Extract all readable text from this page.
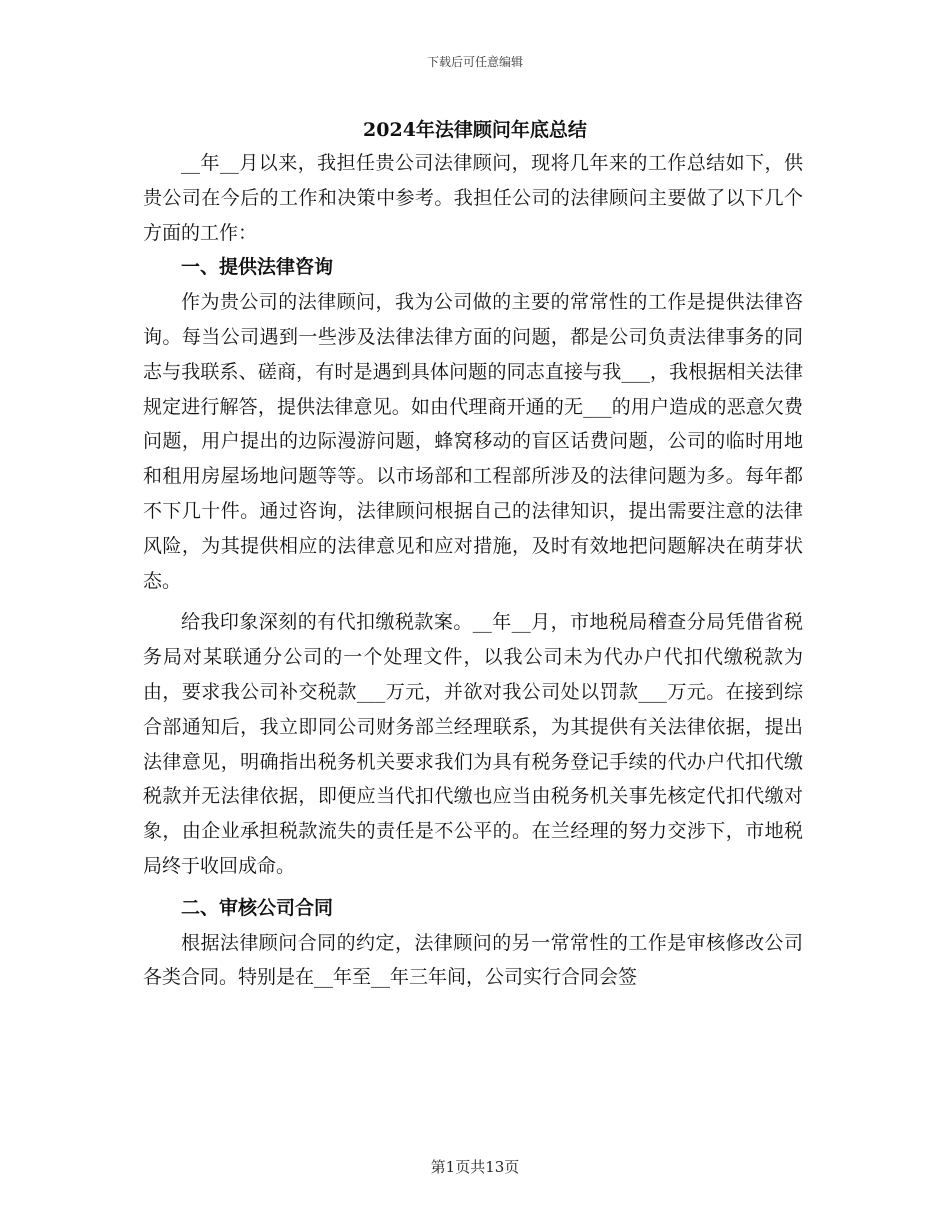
下载后可任意编辑
2024年法律顾问年底总结

__年__月以来，我担任贵公司法律顾问，现将几年来的工作总结如下，供贵公司在今后的工作和决策中参考。我担任公司的法律顾问主要做了以下几个方面的工作：

一、提供法律咨询

作为贵公司的法律顾问，我为公司做的主要的常常性的工作是提供法律咨询。每当公司遇到一些涉及法律法律方面的问题，都是公司负责法律事务的同志与我联系、磋商，有时是遇到具体问题的同志直接与我___，我根据相关法律规定进行解答，提供法律意见。如由代理商开通的无___的用户造成的恶意欠费问题，用户提出的边际漫游问题，蜂窝移动的盲区话费问题，公司的临时用地和租用房屋场地问题等等。以市场部和工程部所涉及的法律问题为多。每年都不下几十件。通过咨询，法律顾问根据自己的法律知识，提出需要注意的法律风险，为其提供相应的法律意见和应对措施，及时有效地把问题解决在萌芽状态。

给我印象深刻的有代扣缴税款案。__年__月，市地税局稽查分局凭借省税务局对某联通分公司的一个处理文件，以我公司未为代办户代扣代缴税款为由，要求我公司补交税款___万元，并欲对我公司处以罚款___万元。在接到综合部通知后，我立即同公司财务部兰经理联系，为其提供有关法律依据，提出法律意见，明确指出税务机关要求我们为具有税务登记手续的代办户代扣代缴税款并无法律依据，即便应当代扣代缴也应当由税务机关事先核定代扣代缴对象，由企业承担税款流失的责任是不公平的。在兰经理的努力交涉下，市地税局终于收回成命。

二、审核公司合同

根据法律顾问合同的约定，法律顾问的另一常常性的工作是审核修改公司各类合同。特别是在__年至__年三年间，公司实行合同会签

第1页共13页
